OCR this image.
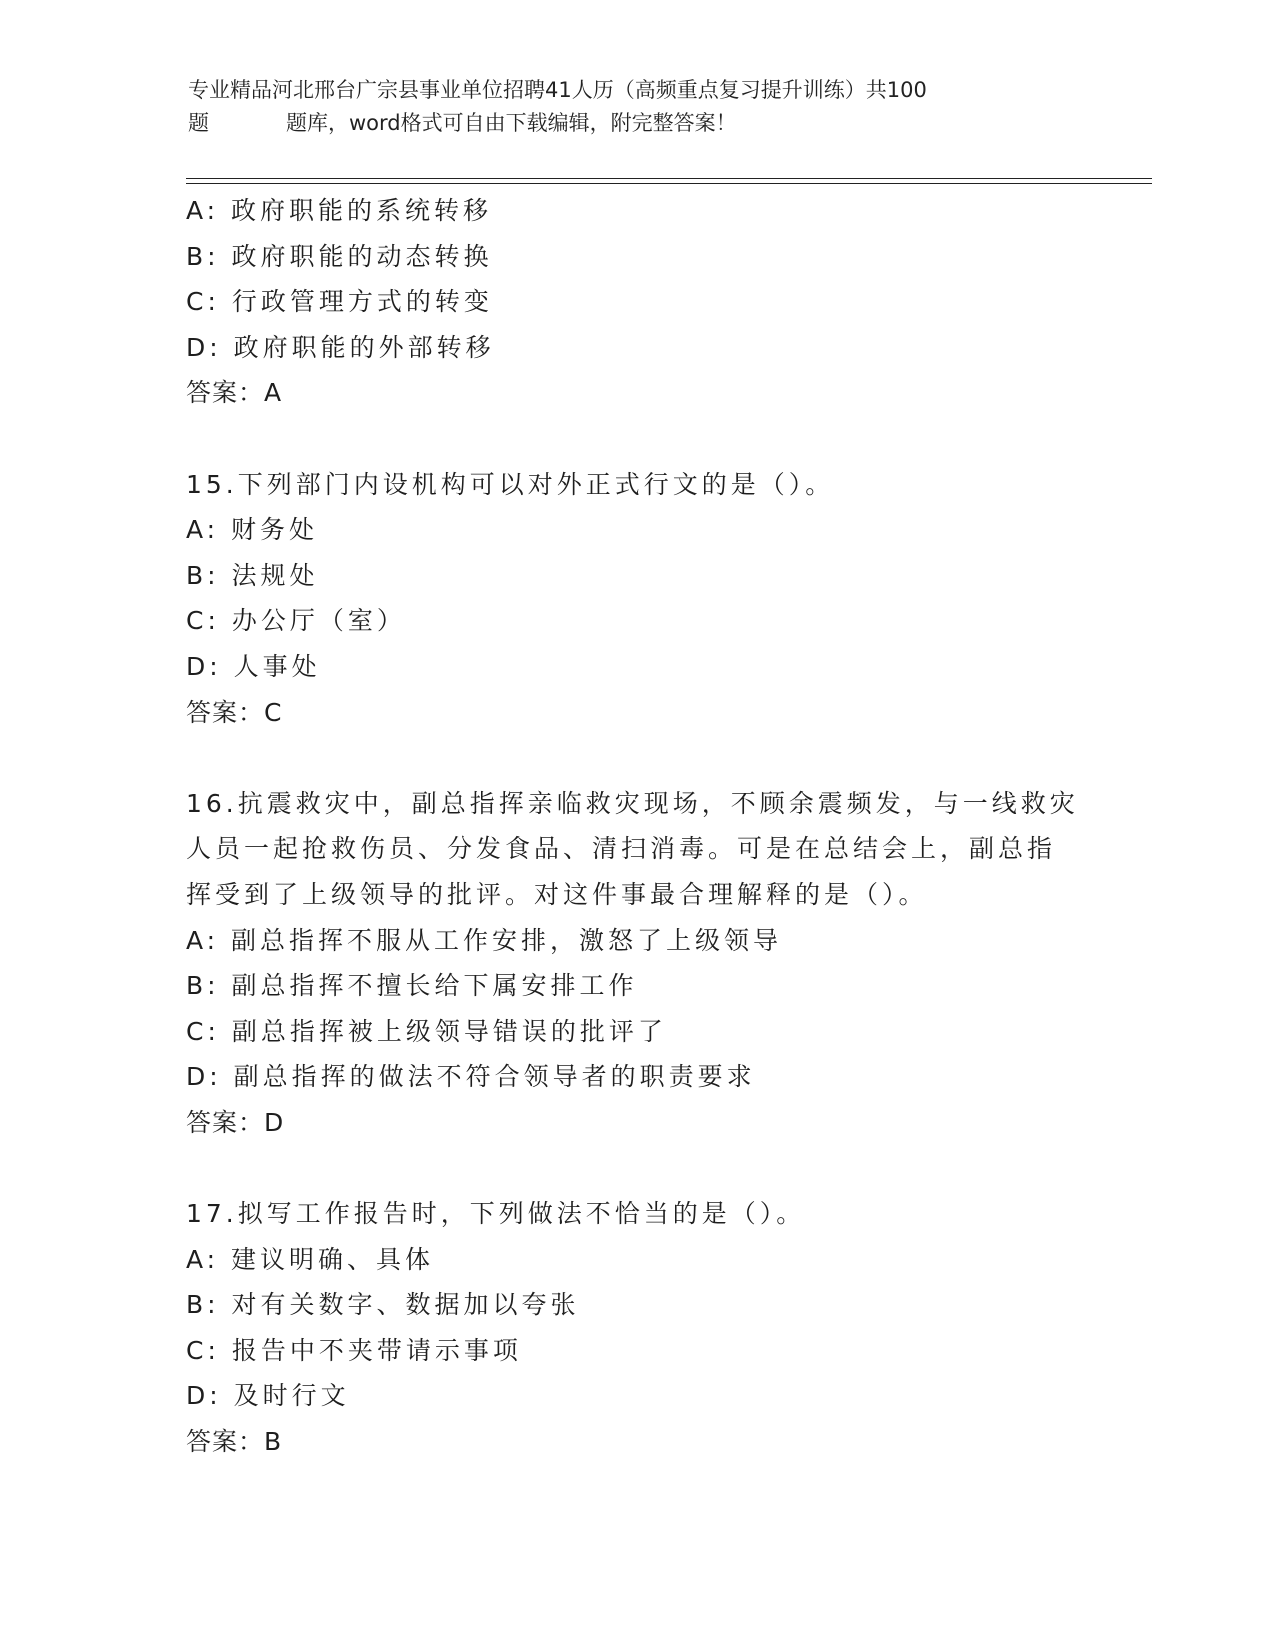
专业精品河北邢台广宗县事业单位招聘41人历（高频重点复习提升训练）共100
题	题库，word格式可自由下载编辑，附完整答案！
A: 政府职能的系统转移
B: 政府职能的动态转换
C: 行政管理方式的转变
D: 政府职能的外部转移
答案：A
15.下列部门内设机构可以对外正式行文的是（）。
A: 财务处
B: 法规处
C: 办公厅（室）
D: 人事处
答案：C
16.抗震救灾中，副总指挥亲临救灾现场，不顾余震频发，与一线救灾
人员一起抢救伤员、分发食品、清扫消毒。可是在总结会上，副总指
挥受到了上级领导的批评。对这件事最合理解释的是（）。
A: 副总指挥不服从工作安排，激怒了上级领导
B: 副总指挥不擅长给下属安排工作
C: 副总指挥被上级领导错误的批评了
D: 副总指挥的做法不符合领导者的职责要求
答案：D
17.拟写工作报告时，下列做法不恰当的是（）。
A: 建议明确、具体
B: 对有关数字、数据加以夸张
C: 报告中不夹带请示事项
D: 及时行文
答案：B
